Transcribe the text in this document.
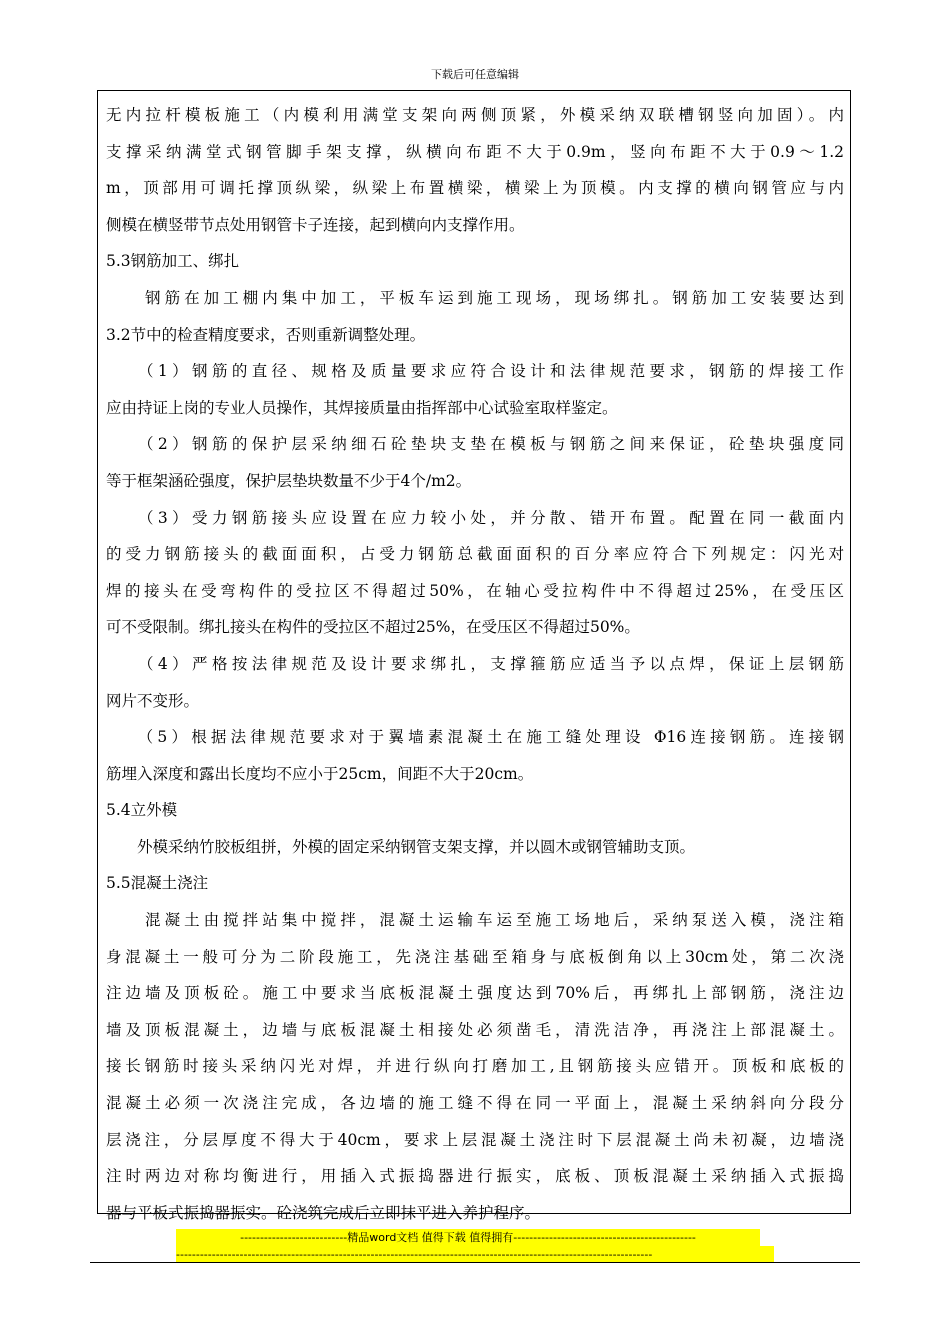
下载后可任意编辑
无内拉杆模板施工（内模利用满堂支架向两侧顶紧，外模采纳双联槽钢竖向加固）。内
支撑采纳满堂式钢管脚手架支撑，纵横向布距不大于0.9m，竖向布距不大于0.9～1.2
m，顶部用可调托撑顶纵梁，纵梁上布置横梁，横梁上为顶模。内支撑的横向钢管应与内
侧模在横竖带节点处用钢管卡子连接，起到横向内支撑作用。
5.3钢筋加工、绑扎
　　钢筋在加工棚内集中加工，平板车运到施工现场，现场绑扎。钢筋加工安装要达到
3.2节中的检查精度要求，否则重新调整处理。
　　（1）钢筋的直径、规格及质量要求应符合设计和法律规范要求，钢筋的焊接工作
应由持证上岗的专业人员操作，其焊接质量由指挥部中心试验室取样鉴定。
　　（2）钢筋的保护层采纳细石砼垫块支垫在模板与钢筋之间来保证，砼垫块强度同
等于框架涵砼强度，保护层垫块数量不少于4个/m2。
　　（3）受力钢筋接头应设置在应力较小处，并分散、错开布置。配置在同一截面内
的受力钢筋接头的截面面积，占受力钢筋总截面面积的百分率应符合下列规定：闪光对
焊的接头在受弯构件的受拉区不得超过50%，在轴心受拉构件中不得超过25%，在受压区
可不受限制。绑扎接头在构件的受拉区不超过25%，在受压区不得超过50%。
　　（4）严格按法律规范及设计要求绑扎，支撑箍筋应适当予以点焊，保证上层钢筋
网片不变形。
　　（5）根据法律规范要求对于翼墙素混凝土在施工缝处理设 Φ16连接钢筋。连接钢
筋埋入深度和露出长度均不应小于25cm，间距不大于20cm。
5.4立外模
　　外模采纳竹胶板组拼，外模的固定采纳钢管支架支撑，并以圆木或钢管辅助支顶。
5.5混凝土浇注
　　混凝土由搅拌站集中搅拌，混凝土运输车运至施工场地后，采纳泵送入模，浇注箱
身混凝土一般可分为二阶段施工，先浇注基础至箱身与底板倒角以上30cm处，第二次浇
注边墙及顶板砼。施工中要求当底板混凝土强度达到70%后，再绑扎上部钢筋，浇注边
墙及顶板混凝土，边墙与底板混凝土相接处必须凿毛，清洗洁净，再浇注上部混凝土。
接长钢筋时接头采纳闪光对焊，并进行纵向打磨加工,且钢筋接头应错开。顶板和底板的
混凝土必须一次浇注完成，各边墙的施工缝不得在同一平面上，混凝土采纳斜向分段分
层浇注，分层厚度不得大于40cm，要求上层混凝土浇注时下层混凝土尚未初凝，边墙浇
注时两边对称均衡进行，用插入式振捣器进行振实，底板、顶板混凝土采纳插入式振捣
器与平板式振捣器振实。砼浇筑完成后立即抹平进入养护程序。
---------------------------精品word文档 值得下载 值得拥有----------------------------------------------
------------------------------------------------------------------------------------------------------------------------
